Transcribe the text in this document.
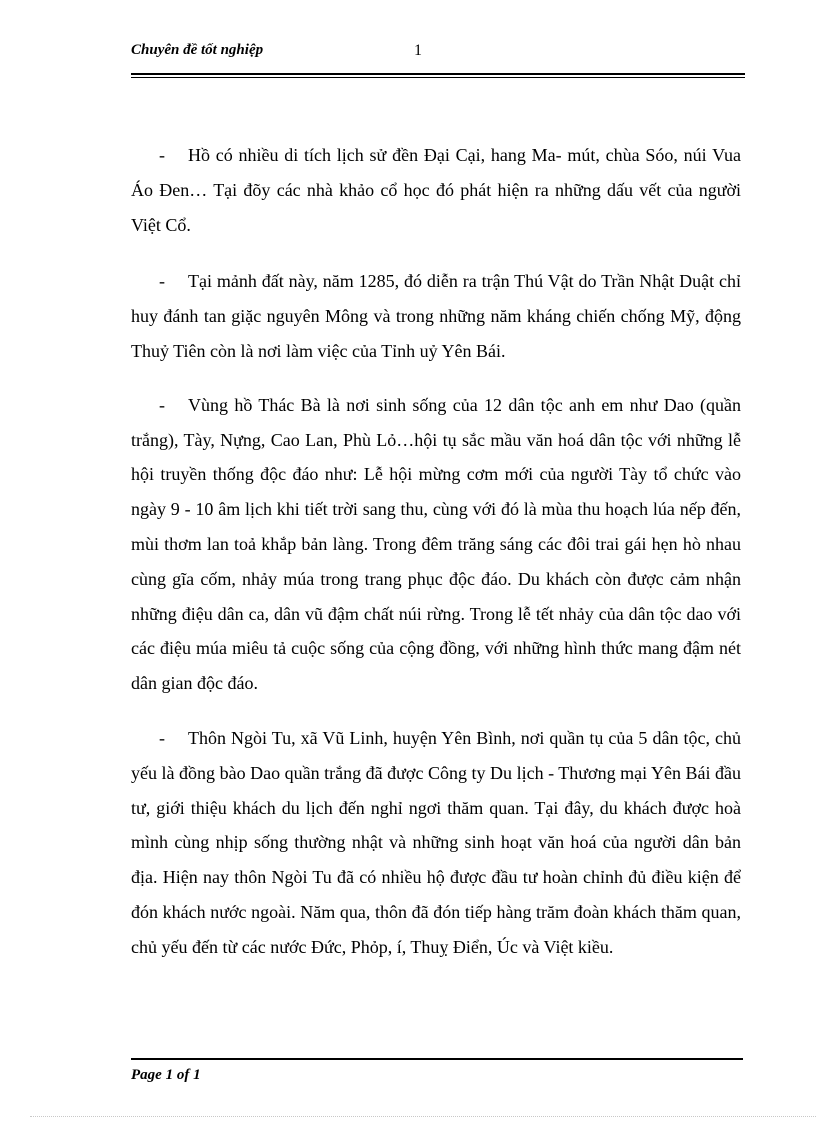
Chuyên đề tốt nghiệp	1

- Hồ có nhiều di tích lịch sử đền Đại Cại, hang Ma- mút, chùa Sóo, núi Vua Áo Đen… Tại đõy các nhà khảo cổ học đó phát hiện ra những dấu vết của người Việt Cổ.

- Tại mảnh đất này, năm 1285, đó diễn ra trận Thú Vật do Trần Nhật Duật chỉ huy đánh tan giặc nguyên Mông và trong những năm kháng chiến chống Mỹ, động Thuỷ Tiên còn là nơi làm việc của Tỉnh uỷ Yên Bái.

- Vùng hồ Thác Bà là nơi sinh sống của 12 dân tộc anh em như Dao (quần trắng), Tày, Nựng, Cao Lan, Phù Lỏ…hội tụ sắc mầu văn hoá dân tộc với những lễ hội truyền thống độc đáo như: Lễ hội mừng cơm mới của người Tày tổ chức vào ngày 9 - 10 âm lịch khi tiết trời sang thu, cùng với đó là mùa thu hoạch lúa nếp đến, mùi thơm lan toả khắp bản làng. Trong đêm trăng sáng các đôi trai gái hẹn hò nhau cùng gĩa cốm, nhảy múa trong trang phục độc đáo. Du khách còn được cảm nhận những điệu dân ca, dân vũ đậm chất núi rừng. Trong lễ tết nhảy của dân tộc dao với các điệu múa miêu tả cuộc sống của cộng đồng, với những hình thức mang đậm nét dân gian độc đáo.

- Thôn Ngòi Tu, xã Vũ Linh, huyện Yên Bình, nơi quần tụ của 5 dân tộc, chủ yếu là đồng bào Dao quần trắng đã được Công ty Du lịch - Thương mại Yên Bái đầu tư, giới thiệu khách du lịch đến nghỉ ngơi thăm quan. Tại đây, du khách được hoà mình cùng nhịp sống thường nhật và những sinh hoạt văn hoá của người dân bản địa. Hiện nay thôn Ngòi Tu đã có nhiều hộ được đầu tư hoàn chỉnh đủ điều kiện để đón khách nước ngoài. Năm qua, thôn đã đón tiếp hàng trăm đoàn khách thăm quan, chủ yếu đến từ các nước Đức, Phỏp, í, Thuỵ Điển, Úc và Việt kiều.

Page 1 of 1
